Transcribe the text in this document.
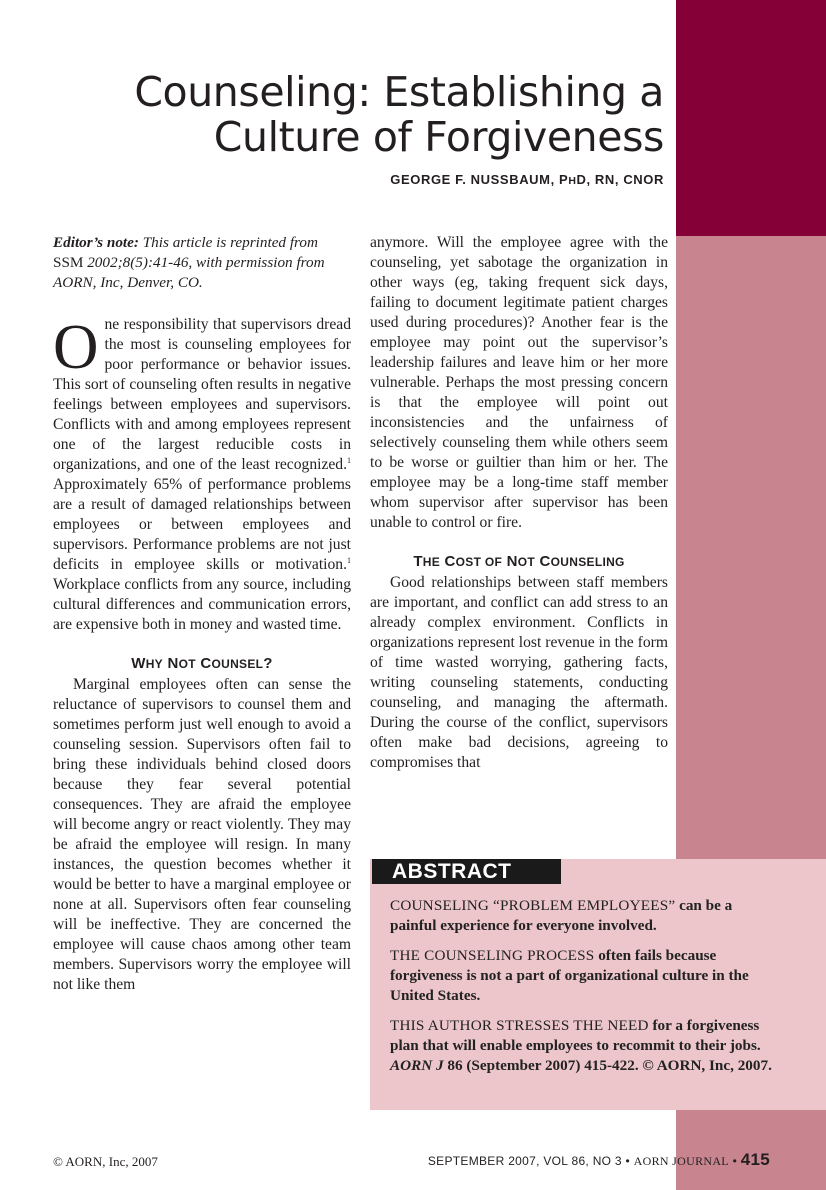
Counseling: Establishing a
Culture of Forgiveness
GEORGE F. NUSSBAUM, PHD, RN, CNOR

Editor’s note: This article is reprinted from SSM 2002;8(5):41-46, with permission from AORN, Inc, Denver, CO.

One responsibility that supervisors dread the most is counseling employees for poor performance or behavior issues. This sort of counseling often results in negative feelings between employees and supervisors. Conflicts with and among employees represent one of the largest reducible costs in organizations, and one of the least recognized.$^1$ Approximately 65% of performance problems are a result of damaged relationships between employees or between employees and supervisors. Performance problems are not just deficits in employee skills or motivation.$^1$ Workplace conflicts from any source, including cultural differences and communication errors, are expensive both in money and wasted time.

WHY NOT COUNSEL?

Marginal employees often can sense the reluctance of supervisors to counsel them and sometimes perform just well enough to avoid a counseling session. Supervisors often fail to bring these individuals behind closed doors because they fear several potential consequences. They are afraid the employee will become angry or react violently. They may be afraid the employee will resign. In many instances, the question becomes whether it would be better to have a marginal employee or none at all. Supervisors often fear counseling will be ineffective. They are concerned the employee will cause chaos among other team members. Supervisors worry the employee will not like them

anymore. Will the employee agree with the counseling, yet sabotage the organization in other ways (eg, taking frequent sick days, failing to document legitimate patient charges used during procedures)? Another fear is the employee may point out the supervisor’s leadership failures and leave him or her more vulnerable. Perhaps the most pressing concern is that the employee will point out inconsistencies and the unfairness of selectively counseling them while others seem to be worse or guiltier than him or her. The employee may be a long-time staff member whom supervisor after supervisor has been unable to control or fire.

THE COST OF NOT COUNSELING

Good relationships between staff members are important, and conflict can add stress to an already complex environment. Conflicts in organizations represent lost revenue in the form of time wasted worrying, gathering facts, writing counseling statements, conducting counseling, and managing the aftermath. During the course of the conflict, supervisors often make bad decisions, agreeing to compromises that

ABSTRACT

COUNSELING “PROBLEM EMPLOYEES” can be a painful experience for everyone involved.

THE COUNSELING PROCESS often fails because forgiveness is not a part of organizational culture in the United States.

THIS AUTHOR STRESSES THE NEED for a forgiveness plan that will enable employees to recommit to their jobs. AORN J 86 (September 2007) 415-422. © AORN, Inc, 2007.

© AORN, Inc, 2007	SEPTEMBER 2007, VOL 86, NO 3 • AORN JOURNAL • 415
